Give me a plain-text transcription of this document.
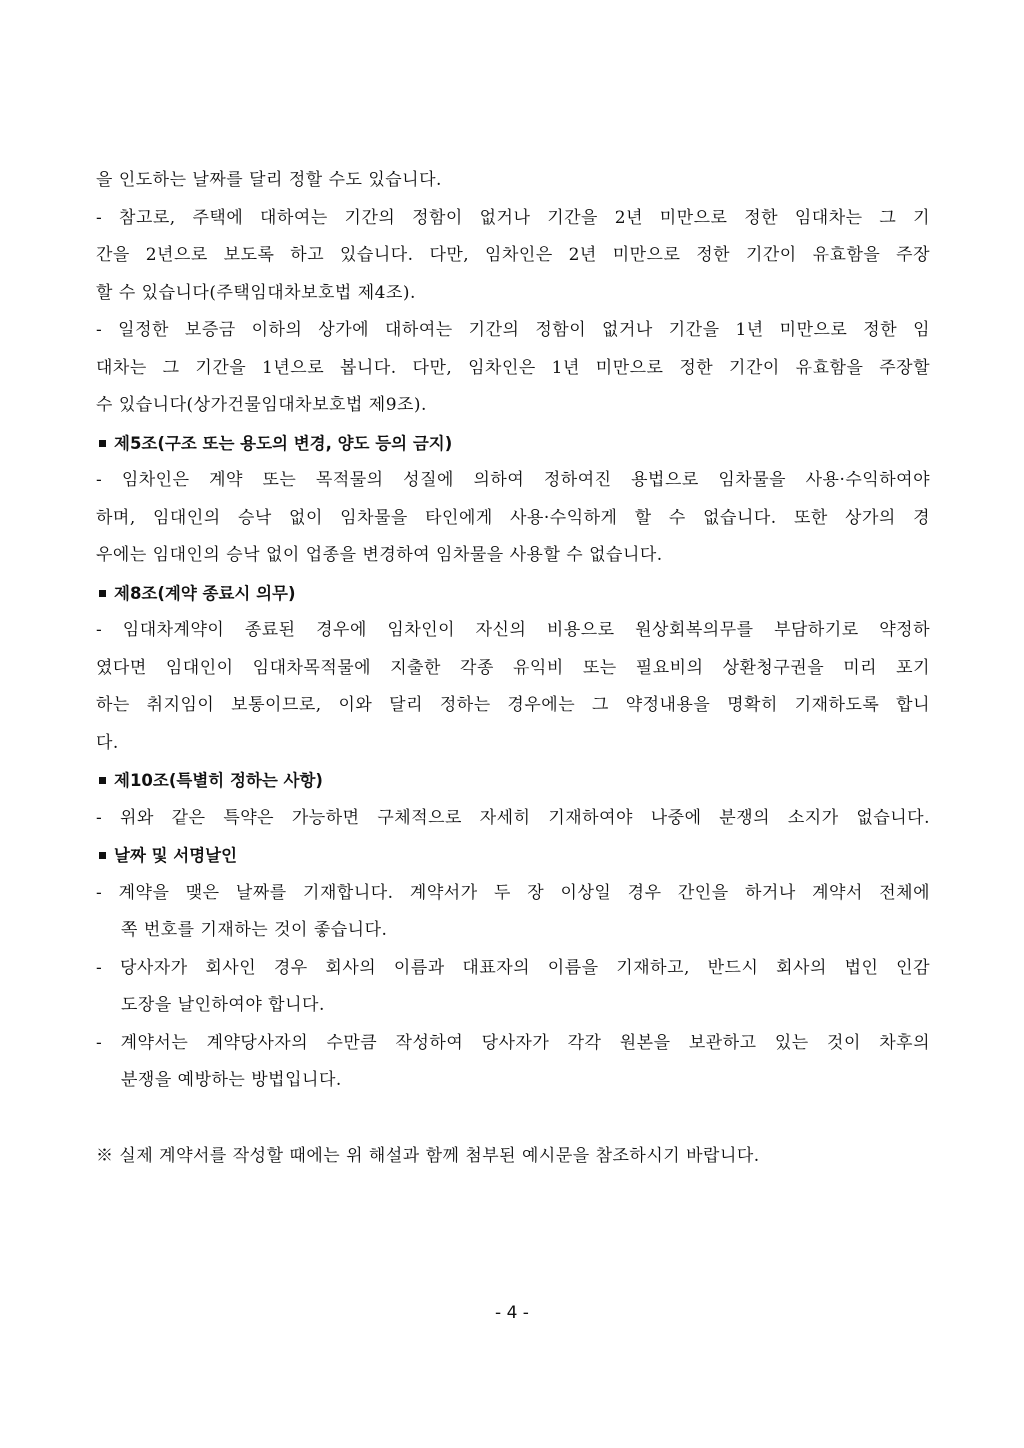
을 인도하는 날짜를 달리 정할 수도 있습니다.
- 참고로, 주택에 대하여는 기간의 정함이 없거나 기간을 2년 미만으로 정한 임대차는 그 기
간을 2년으로 보도록 하고 있습니다. 다만, 임차인은 2년 미만으로 정한 기간이 유효함을 주장
할 수 있습니다(주택임대차보호법 제4조).
- 일정한 보증금 이하의 상가에 대하여는 기간의 정함이 없거나 기간을 1년 미만으로 정한 임
대차는 그 기간을 1년으로 봅니다. 다만, 임차인은 1년 미만으로 정한 기간이 유효함을 주장할
수 있습니다(상가건물임대차보호법 제9조).
제5조(구조 또는 용도의 변경, 양도 등의 금지)
- 임차인은 계약 또는 목적물의 성질에 의하여 정하여진 용법으로 임차물을 사용·수익하여야
하며, 임대인의 승낙 없이 임차물을 타인에게 사용·수익하게 할 수 없습니다. 또한 상가의 경
우에는 임대인의 승낙 없이 업종을 변경하여 임차물을 사용할 수 없습니다.
제8조(계약 종료시 의무)
- 임대차계약이 종료된 경우에 임차인이 자신의 비용으로 원상회복의무를 부담하기로 약정하
였다면 임대인이 임대차목적물에 지출한 각종 유익비 또는 필요비의 상환청구권을 미리 포기
하는 취지임이 보통이므로, 이와 달리 정하는 경우에는 그 약정내용을 명확히 기재하도록 합니
다.
제10조(특별히 정하는 사항)
- 위와 같은 특약은 가능하면 구체적으로 자세히 기재하여야 나중에 분쟁의 소지가 없습니다.
날짜 및 서명날인
- 계약을 맺은 날짜를 기재합니다. 계약서가 두 장 이상일 경우 간인을 하거나 계약서 전체에
쪽 번호를 기재하는 것이 좋습니다.
- 당사자가 회사인 경우 회사의 이름과 대표자의 이름을 기재하고, 반드시 회사의 법인 인감
도장을 날인하여야 합니다.
- 계약서는 계약당사자의 수만큼 작성하여 당사자가 각각 원본을 보관하고 있는 것이 차후의
분쟁을 예방하는 방법입니다.
※ 실제 계약서를 작성할 때에는 위 해설과 함께 첨부된 예시문을 참조하시기 바랍니다.
- 4 -
